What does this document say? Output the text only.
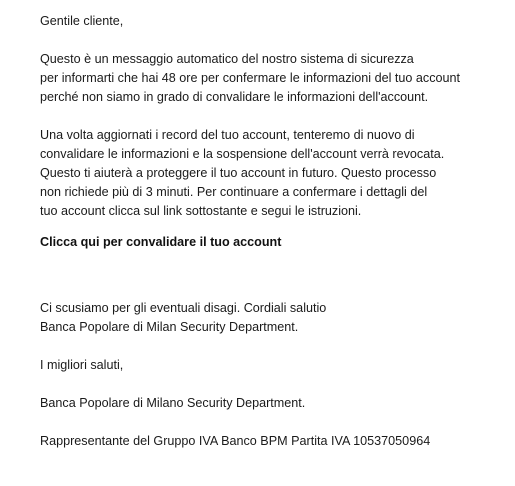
Gentile cliente,
Questo è un messaggio automatico del nostro sistema di sicurezza
per informarti che hai 48 ore per confermare le informazioni del tuo account
perché non siamo in grado di convalidare le informazioni dell'account.
Una volta aggiornati i record del tuo account, tenteremo di nuovo di
convalidare le informazioni e la sospensione dell'account verrà revocata.
Questo ti aiuterà a proteggere il tuo account in futuro. Questo processo
non richiede più di 3 minuti. Per continuare a confermare i dettagli del
tuo account clicca sul link sottostante e segui le istruzioni.
Clicca qui per convalidare il tuo account
Ci scusiamo per gli eventuali disagi. Cordiali salutio
Banca Popolare di Milan Security Department.
I migliori saluti,
Banca Popolare di Milano Security Department.
Rappresentante del Gruppo IVA Banco BPM Partita IVA 10537050964
